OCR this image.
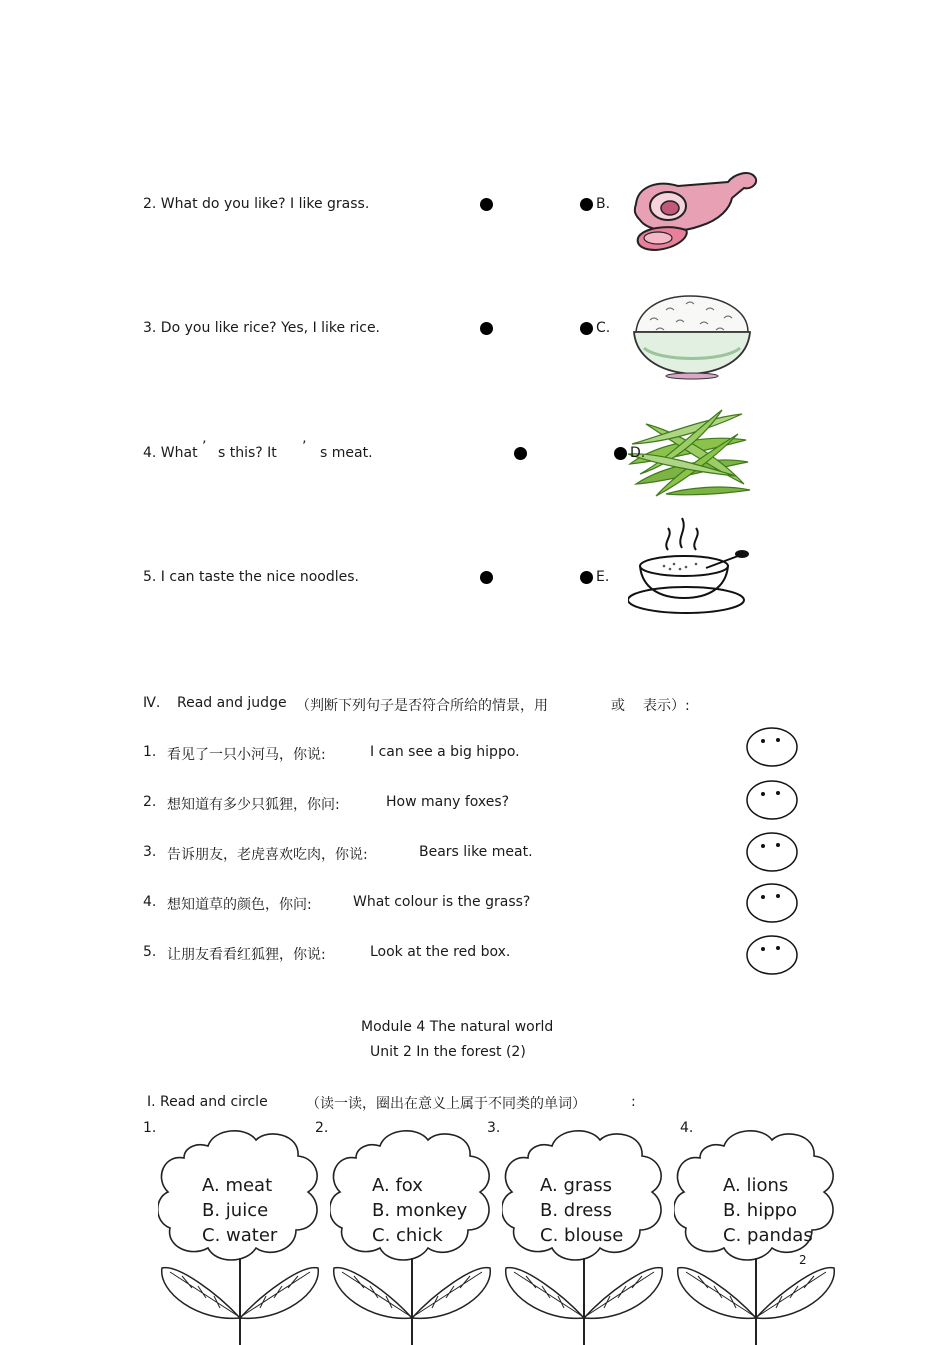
2. What do you like? I like grass.	B.
3. Do you like rice? Yes, I like rice.	C.
4. What ’ s this? It ’ s meat.	D.
5. I can taste the nice noodles.	E.
Ⅳ. Read and judge （判断下列句子是否符合所给的情景，用	或 表示）:
1. 看见了一只小河马，你说:	I can see a big hippo.
2. 想知道有多少只狐狸，你问:	How many foxes?
3. 告诉朋友，老虎喜欢吃肉，你说:	Bears like meat.
4. 想知道草的颜色，你问:	What colour is the grass?
5. 让朋友看看红狐狸，你说:	Look at the red box.
Module 4 The natural world
Unit 2 In the forest (2)
Ⅰ. Read and circle	（读一读，圈出在意义上属于不同类的单词）	:
1.	2.	3.	4.
A. meat
B. juice
C. water
A. fox
B. monkey
C. chick
A. grass
B. dress
C. blouse
A. lions
B. hippo
C. pandas
2
